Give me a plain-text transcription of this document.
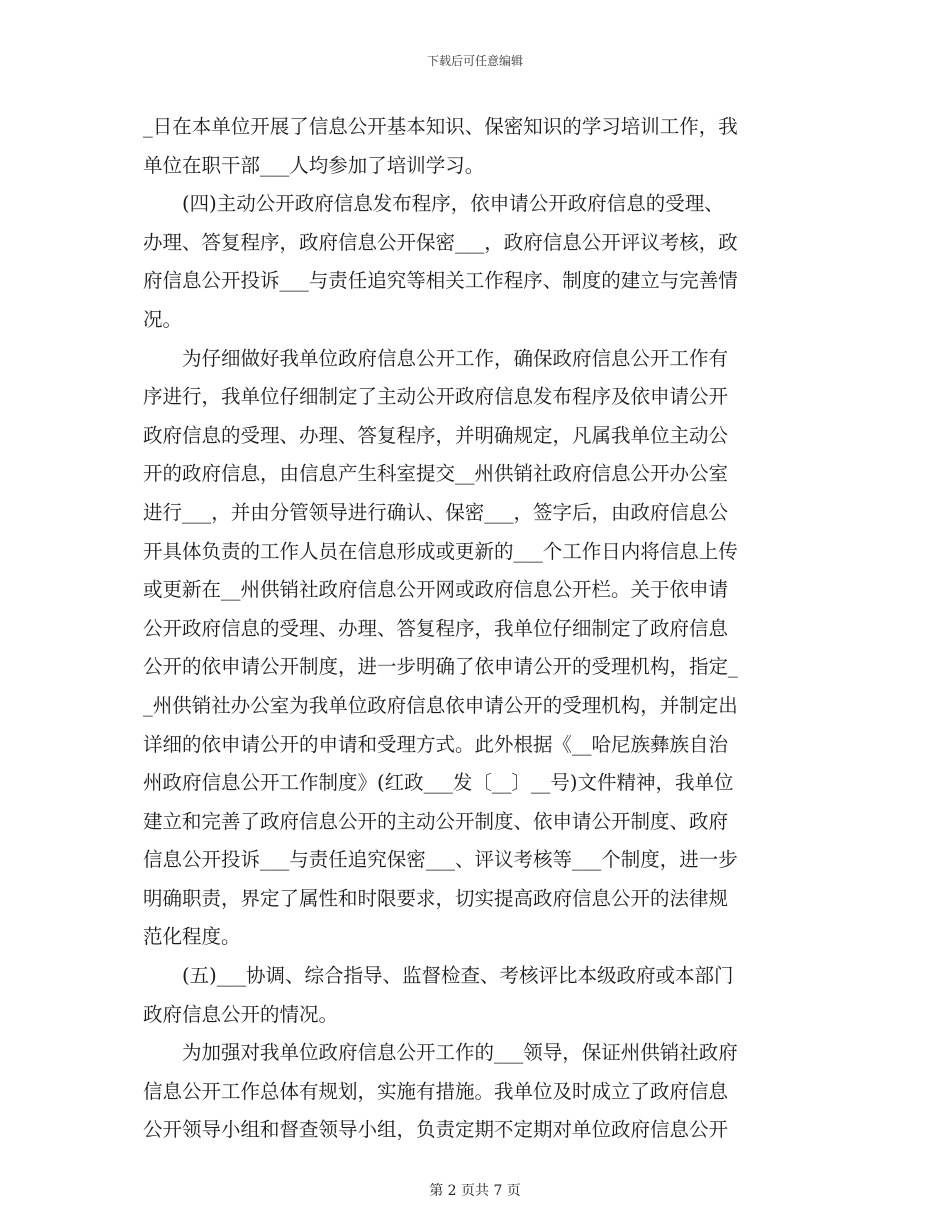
下载后可任意编辑
_日在本单位开展了信息公开基本知识、保密知识的学习培训工作，我
单位在职干部___人均参加了培训学习。
　　(四)主动公开政府信息发布程序，依申请公开政府信息的受理、
办理、答复程序，政府信息公开保密___，政府信息公开评议考核，政
府信息公开投诉___与责任追究等相关工作程序、制度的建立与完善情
况。
　　为仔细做好我单位政府信息公开工作，确保政府信息公开工作有
序进行，我单位仔细制定了主动公开政府信息发布程序及依申请公开
政府信息的受理、办理、答复程序，并明确规定，凡属我单位主动公
开的政府信息，由信息产生科室提交__州供销社政府信息公开办公室
进行___，并由分管领导进行确认、保密___，签字后，由政府信息公
开具体负责的工作人员在信息形成或更新的___个工作日内将信息上传
或更新在__州供销社政府信息公开网或政府信息公开栏。关于依申请
公开政府信息的受理、办理、答复程序，我单位仔细制定了政府信息
公开的依申请公开制度，进一步明确了依申请公开的受理机构，指定_
_州供销社办公室为我单位政府信息依申请公开的受理机构，并制定出
详细的依申请公开的申请和受理方式。此外根据《__哈尼族彝族自治
州政府信息公开工作制度》(红政___发〔__〕__号)文件精神，我单位
建立和完善了政府信息公开的主动公开制度、依申请公开制度、政府
信息公开投诉___与责任追究保密___、评议考核等___个制度，进一步
明确职责，界定了属性和时限要求，切实提高政府信息公开的法律规
范化程度。
　　(五)___协调、综合指导、监督检查、考核评比本级政府或本部门
政府信息公开的情况。
　　为加强对我单位政府信息公开工作的___领导，保证州供销社政府
信息公开工作总体有规划，实施有措施。我单位及时成立了政府信息
公开领导小组和督查领导小组，负责定期不定期对单位政府信息公开
第 2 页共 7 页
